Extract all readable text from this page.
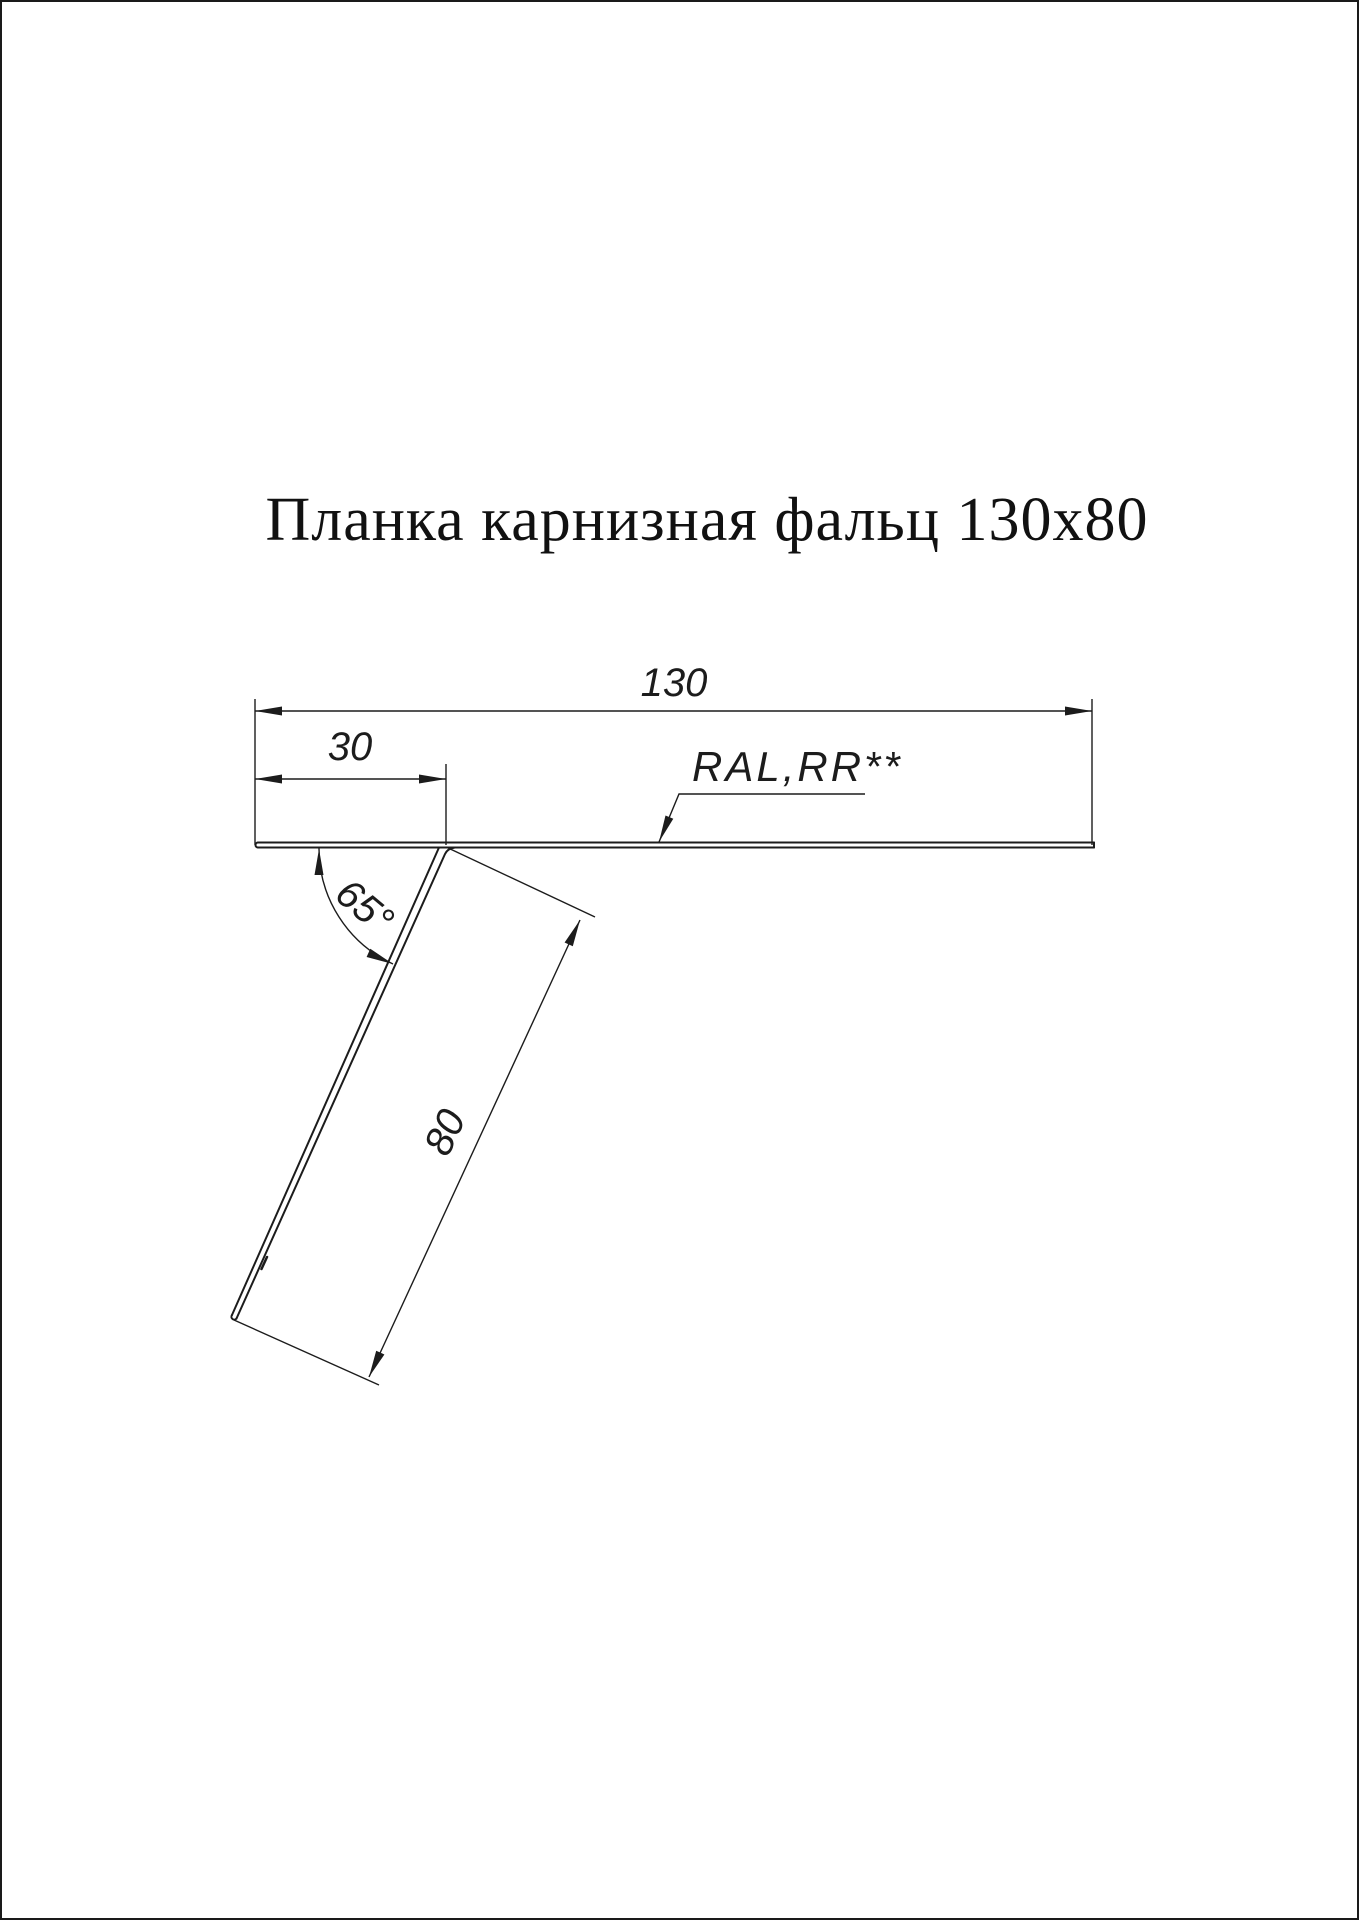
Планка карнизная фальц 130x80
130
30
80
65°
RAL,RR**
